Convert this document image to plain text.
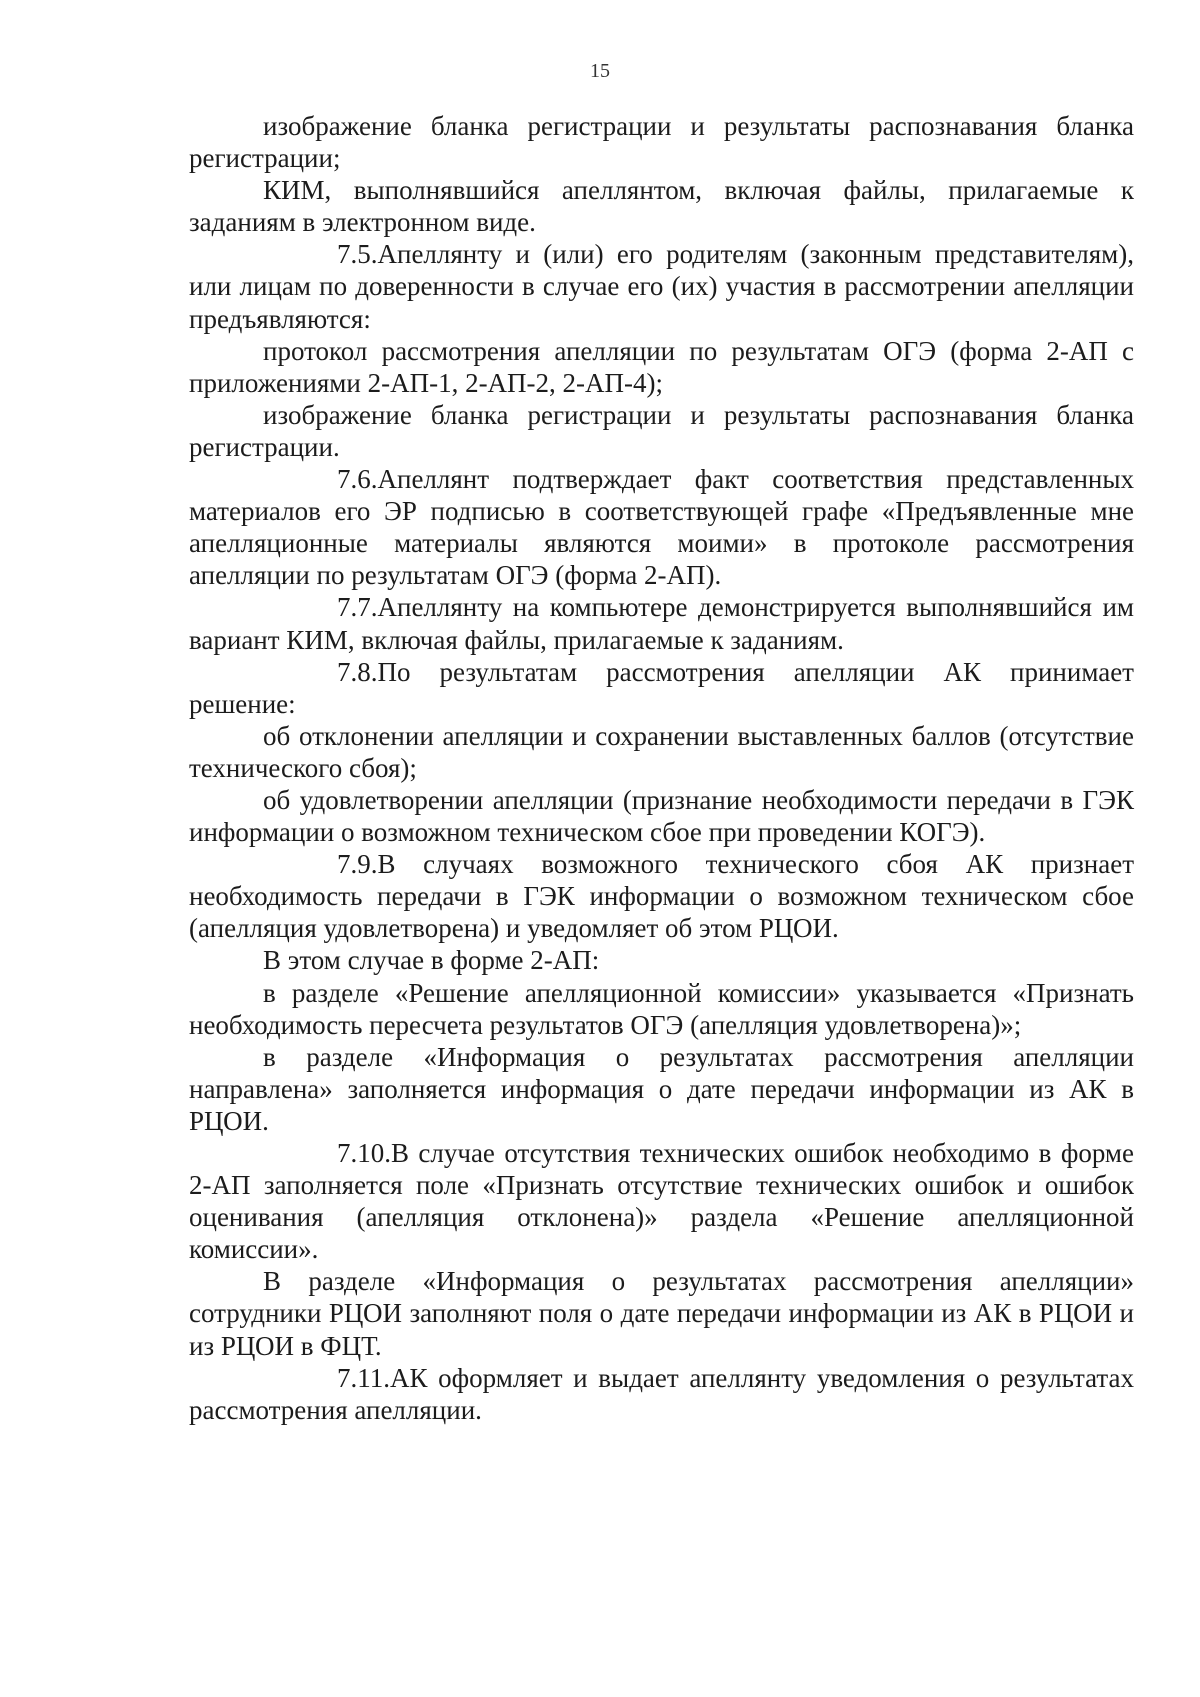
15

изображение бланка регистрации и результаты распознавания бланка регистрации;

КИМ, выполнявшийся апеллянтом, включая файлы, прилагаемые к заданиям в электронном виде.

7.5.Апеллянту и (или) его родителям (законным представителям), или лицам по доверенности в случае его (их) участия в рассмотрении апелляции предъявляются:

протокол рассмотрения апелляции по результатам ОГЭ (форма 2-АП с приложениями 2-АП-1, 2-АП-2, 2-АП-4);

изображение бланка регистрации и результаты распознавания бланка регистрации.

7.6.Апеллянт подтверждает факт соответствия представленных материалов его ЭР подписью в соответствующей графе «Предъявленные мне апелляционные материалы являются моими» в протоколе рассмотрения апелляции по результатам ОГЭ (форма 2-АП).

7.7.Апеллянту на компьютере демонстрируется выполнявшийся им вариант КИМ, включая файлы, прилагаемые к заданиям.

7.8.По результатам рассмотрения апелляции АК принимает решение:

об отклонении апелляции и сохранении выставленных баллов (отсутствие технического сбоя);

об удовлетворении апелляции (признание необходимости передачи в ГЭК информации о возможном техническом сбое при проведении КОГЭ).

7.9.В случаях возможного технического сбоя АК признает необходимость передачи в ГЭК информации о возможном техническом сбое (апелляция удовлетворена) и уведомляет об этом РЦОИ.

В этом случае в форме 2-АП:

в разделе «Решение апелляционной комиссии» указывается «Признать необходимость пересчета результатов ОГЭ (апелляция удовлетворена)»;

в разделе «Информация о результатах рассмотрения апелляции направлена» заполняется информация о дате передачи информации из АК в РЦОИ.

7.10.В случае отсутствия технических ошибок необходимо в форме 2-АП заполняется поле «Признать отсутствие технических ошибок и ошибок оценивания (апелляция отклонена)» раздела «Решение апелляционной комиссии».

В разделе «Информация о результатах рассмотрения апелляции» сотрудники РЦОИ заполняют поля о дате передачи информации из АК в РЦОИ и из РЦОИ в ФЦТ.

7.11.АК оформляет и выдает апеллянту уведомления о результатах рассмотрения апелляции.
